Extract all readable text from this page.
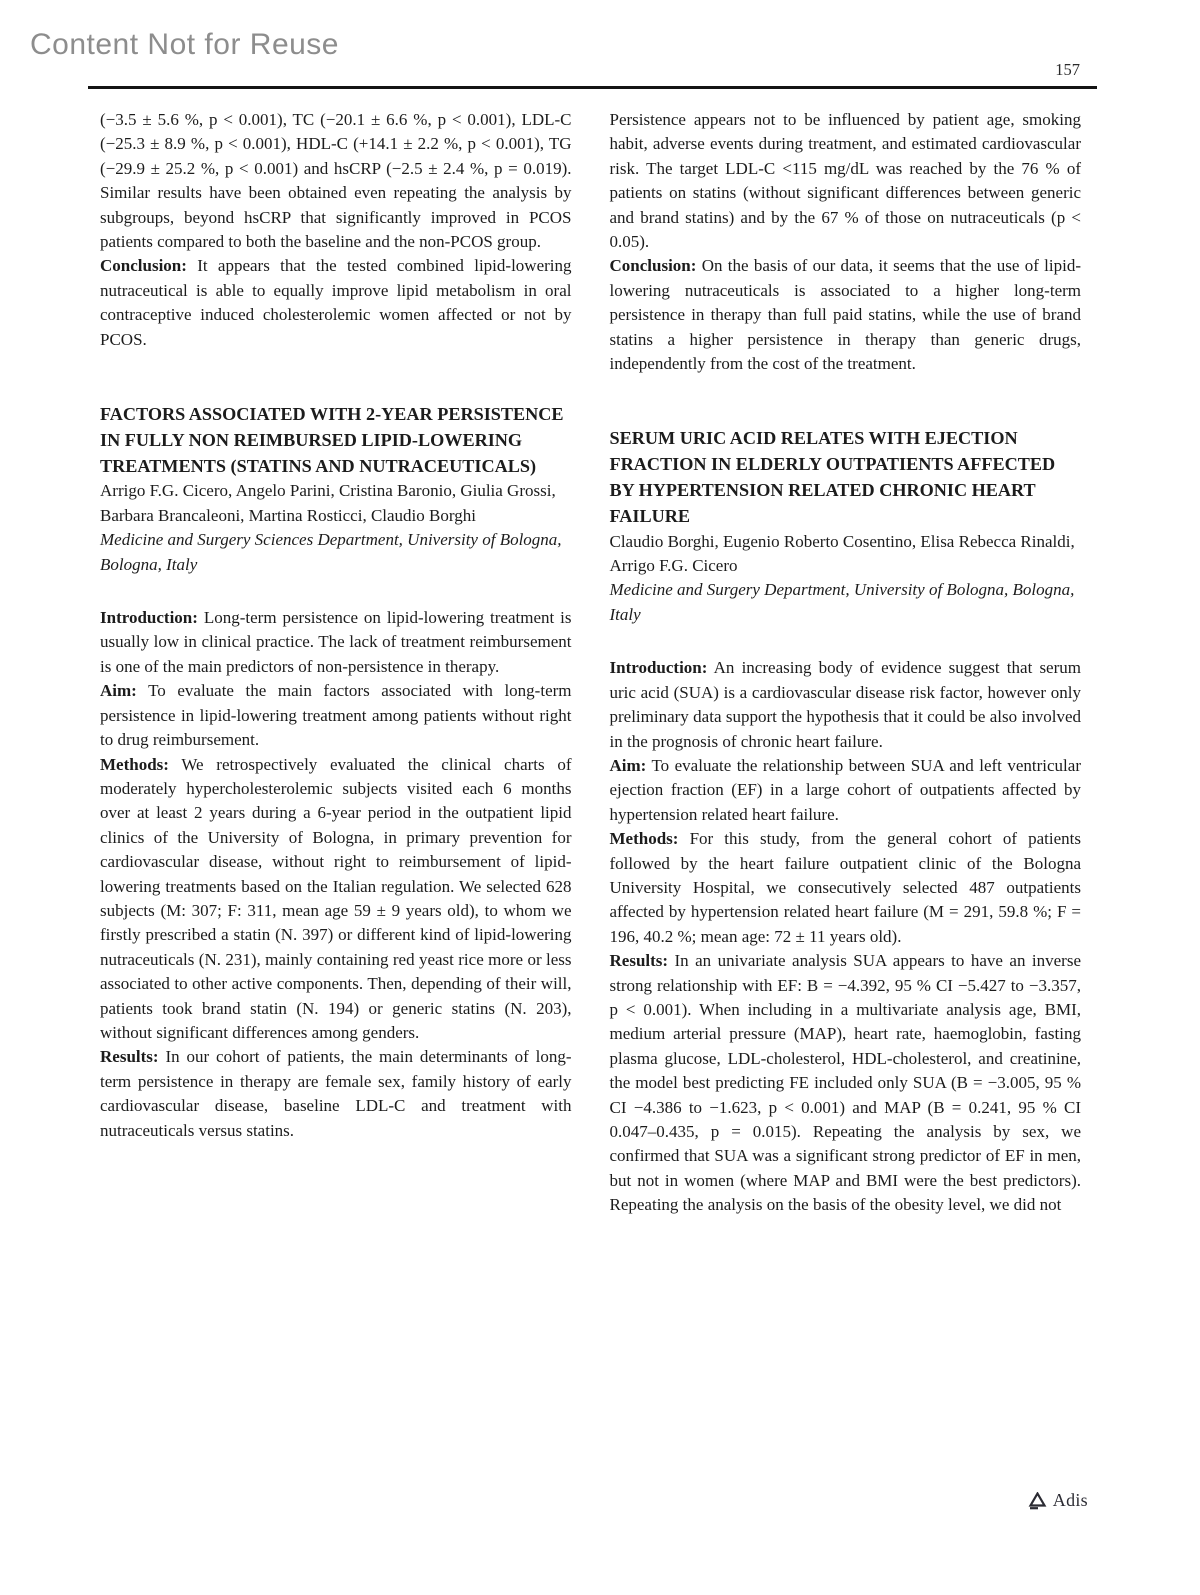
Content Not for Reuse
157

(−3.5 ± 5.6 %, p < 0.001), TC (−20.1 ± 6.6 %, p < 0.001), LDL-C (−25.3 ± 8.9 %, p < 0.001), HDL-C (+14.1 ± 2.2 %, p < 0.001), TG (−29.9 ± 25.2 %, p < 0.001) and hsCRP (−2.5 ± 2.4 %, p = 0.019). Similar results have been obtained even repeating the analysis by subgroups, beyond hsCRP that significantly improved in PCOS patients compared to both the baseline and the non-PCOS group.

Conclusion: It appears that the tested combined lipid-lowering nutraceutical is able to equally improve lipid metabolism in oral contraceptive induced cholesterolemic women affected or not by PCOS.

FACTORS ASSOCIATED WITH 2-YEAR PERSISTENCE IN FULLY NON REIMBURSED LIPID-LOWERING TREATMENTS (STATINS AND NUTRACEUTICALS)

Arrigo F.G. Cicero, Angelo Parini, Cristina Baronio, Giulia Grossi, Barbara Brancaleoni, Martina Rosticci, Claudio Borghi

Medicine and Surgery Sciences Department, University of Bologna, Bologna, Italy

Introduction: Long-term persistence on lipid-lowering treatment is usually low in clinical practice. The lack of treatment reimbursement is one of the main predictors of non-persistence in therapy.

Aim: To evaluate the main factors associated with long-term persistence in lipid-lowering treatment among patients without right to drug reimbursement.

Methods: We retrospectively evaluated the clinical charts of moderately hypercholesterolemic subjects visited each 6 months over at least 2 years during a 6-year period in the outpatient lipid clinics of the University of Bologna, in primary prevention for cardiovascular disease, without right to reimbursement of lipid-lowering treatments based on the Italian regulation. We selected 628 subjects (M: 307; F: 311, mean age 59 ± 9 years old), to whom we firstly prescribed a statin (N. 397) or different kind of lipid-lowering nutraceuticals (N. 231), mainly containing red yeast rice more or less associated to other active components. Then, depending of their will, patients took brand statin (N. 194) or generic statins (N. 203), without significant differences among genders.

Results: In our cohort of patients, the main determinants of long-term persistence in therapy are female sex, family history of early cardiovascular disease, baseline LDL-C and treatment with nutraceuticals versus statins.

Persistence appears not to be influenced by patient age, smoking habit, adverse events during treatment, and estimated cardiovascular risk. The target LDL-C <115 mg/dL was reached by the 76 % of patients on statins (without significant differences between generic and brand statins) and by the 67 % of those on nutraceuticals (p < 0.05).

Conclusion: On the basis of our data, it seems that the use of lipid-lowering nutraceuticals is associated to a higher long-term persistence in therapy than full paid statins, while the use of brand statins a higher persistence in therapy than generic drugs, independently from the cost of the treatment.

SERUM URIC ACID RELATES WITH EJECTION FRACTION IN ELDERLY OUTPATIENTS AFFECTED BY HYPERTENSION RELATED CHRONIC HEART FAILURE

Claudio Borghi, Eugenio Roberto Cosentino, Elisa Rebecca Rinaldi, Arrigo F.G. Cicero

Medicine and Surgery Department, University of Bologna, Bologna, Italy

Introduction: An increasing body of evidence suggest that serum uric acid (SUA) is a cardiovascular disease risk factor, however only preliminary data support the hypothesis that it could be also involved in the prognosis of chronic heart failure.

Aim: To evaluate the relationship between SUA and left ventricular ejection fraction (EF) in a large cohort of outpatients affected by hypertension related heart failure.

Methods: For this study, from the general cohort of patients followed by the heart failure outpatient clinic of the Bologna University Hospital, we consecutively selected 487 outpatients affected by hypertension related heart failure (M = 291, 59.8 %; F = 196, 40.2 %; mean age: 72 ± 11 years old).

Results: In an univariate analysis SUA appears to have an inverse strong relationship with EF: B = −4.392, 95 % CI −5.427 to −3.357, p < 0.001). When including in a multivariate analysis age, BMI, medium arterial pressure (MAP), heart rate, haemoglobin, fasting plasma glucose, LDL-cholesterol, HDL-cholesterol, and creatinine, the model best predicting FE included only SUA (B = −3.005, 95 % CI −4.386 to −1.623, p < 0.001) and MAP (B = 0.241, 95 % CI 0.047–0.435, p = 0.015). Repeating the analysis by sex, we confirmed that SUA was a significant strong predictor of EF in men, but not in women (where MAP and BMI were the best predictors). Repeating the analysis on the basis of the obesity level, we did not

Adis
